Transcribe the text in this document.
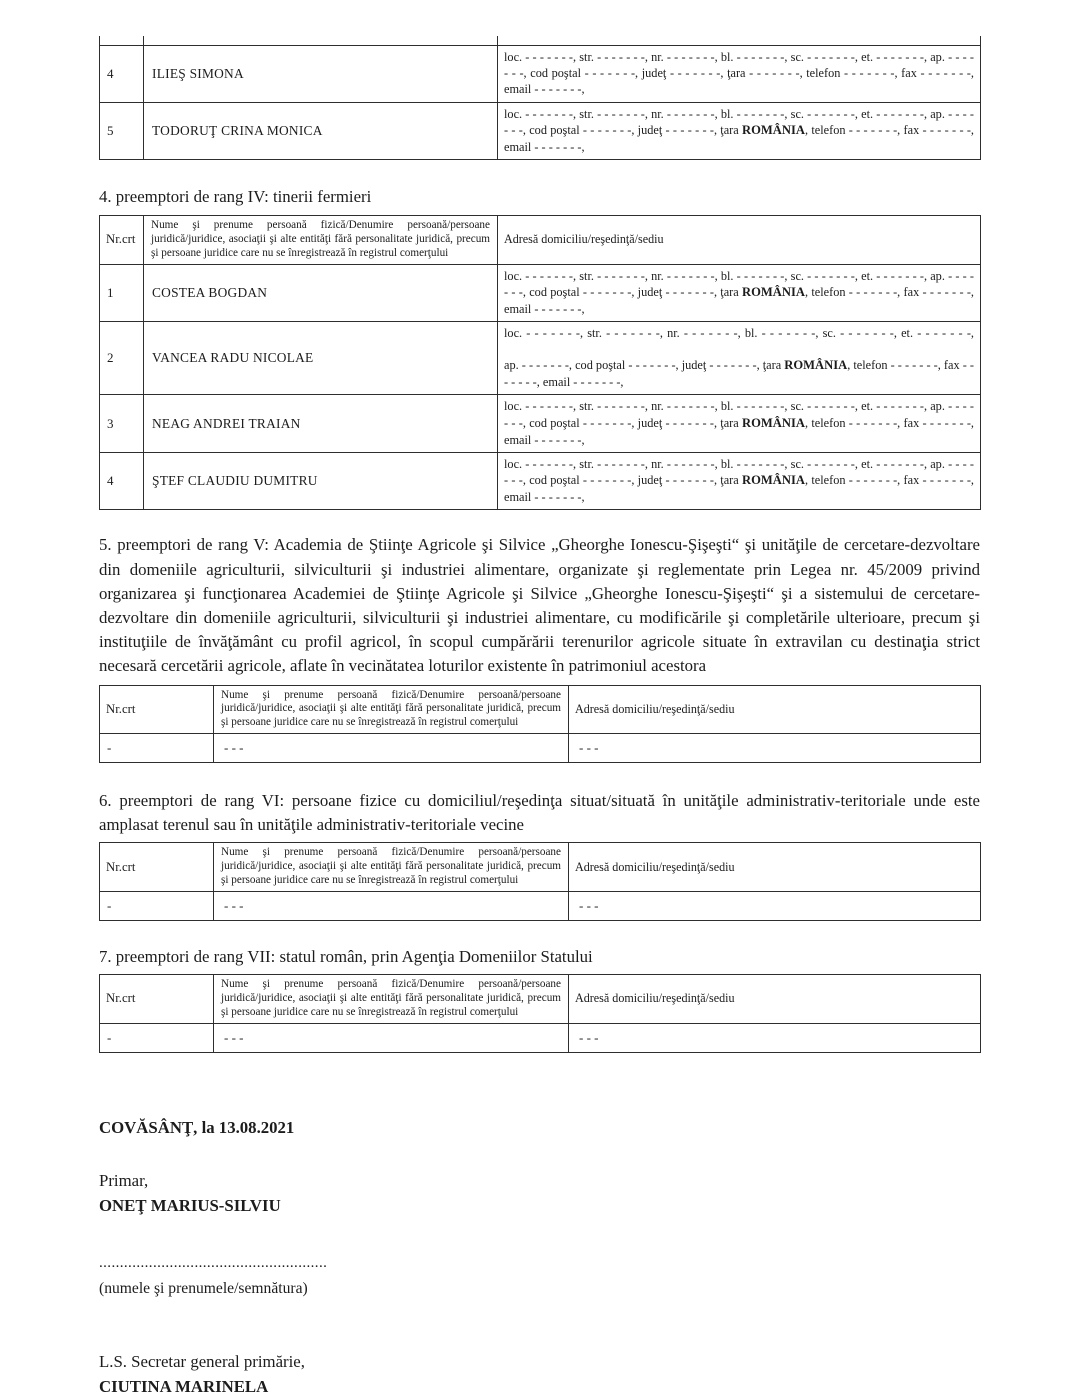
4	ILIEŞ SIMONA	loc. - - - - - - -, str. - - - - - - -, nr. - - - - - - -, bl. - - - - - - -, sc. - - - - - - -, et. - - - - - - -, ap. - - - - - - -, cod poştal - - - - - - -, judeţ - - - - - - -, ţara - - - - - - -, telefon - - - - - - -, fax - - - - - - -, email - - - - - - -,
5	TODORUŢ CRINA MONICA	loc. - - - - - - -, str. - - - - - - -, nr. - - - - - - -, bl. - - - - - - -, sc. - - - - - - -, et. - - - - - - -, ap. - - - - - - -, cod poştal - - - - - - -, judeţ - - - - - - -, ţara ROMÂNIA, telefon - - - - - - -, fax - - - - - - -, email - - - - - - -,

4. preemptori de rang IV: tinerii fermieri

Nr.crt	Nume şi prenume persoană fizică/Denumire persoană/persoane juridică/juridice, asociaţii şi alte entităţi fără personalitate juridică, precum şi persoane juridice care nu se înregistrează în registrul comerţului	Adresă domiciliu/reşedinţă/sediu
1	COSTEA BOGDAN	loc. - - - - - - -, str. - - - - - - -, nr. - - - - - - -, bl. - - - - - - -, sc. - - - - - - -, et. - - - - - - -, ap. - - - - - - -, cod poştal - - - - - - -, judeţ - - - - - - -, ţara ROMÂNIA, telefon - - - - - - -, fax - - - - - - -, email - - - - - - -,
2	VANCEA RADU NICOLAE	loc. - - - - - - -, str. - - - - - - -, nr. - - - - - - -, bl. - - - - - - -, sc. - - - - - - -, et. - - - - - - -,
ap. - - - - - - -, cod poştal - - - - - - -, judeţ - - - - - - -, ţara ROMÂNIA, telefon - - - - - - -, fax - - - - - - -, email - - - - - - -,

3	NEAG ANDREI TRAIAN	loc. - - - - - - -, str. - - - - - - -, nr. - - - - - - -, bl. - - - - - - -, sc. - - - - - - -, et. - - - - - - -, ap. - - - - - - -, cod poştal - - - - - - -, judeţ - - - - - - -, ţara ROMÂNIA, telefon - - - - - - -, fax - - - - - - -, email - - - - - - -,
4	ŞTEF CLAUDIU DUMITRU	loc. - - - - - - -, str. - - - - - - -, nr. - - - - - - -, bl. - - - - - - -, sc. - - - - - - -, et. - - - - - - -, ap. - - - - - - -, cod poştal - - - - - - -, judeţ - - - - - - -, ţara ROMÂNIA, telefon - - - - - - -, fax - - - - - - -, email - - - - - - -,

5. preemptori de rang V: Academia de Ştiinţe Agricole şi Silvice „Gheorghe Ionescu-Şişeşti“ şi unităţile de cercetare-dezvoltare din domeniile agriculturii, silviculturii şi industriei alimentare, organizate şi reglementate prin Legea nr. 45/2009 privind organizarea şi funcţionarea Academiei de Ştiinţe Agricole şi Silvice „Gheorghe Ionescu-Şişeşti“ şi a sistemului de cercetare-dezvoltare din domeniile agriculturii, silviculturii şi industriei alimentare, cu modificările şi completările ulterioare, precum şi instituţiile de învăţământ cu profil agricol, în scopul cumpărării terenurilor agricole situate în extravilan cu destinaţia strict necesară cercetării agricole, aflate în vecinătatea loturilor existente în patrimoniul acestora

Nr.crt	Nume şi prenume persoană fizică/Denumire persoană/persoane juridică/juridice, asociaţii şi alte entităţi fără personalitate juridică, precum şi persoane juridice care nu se înregistrează în registrul comerţului	Adresă domiciliu/reşedinţă/sediu
-	- - -	- - -

6. preemptori de rang VI: persoane fizice cu domiciliul/reşedinţa situat/situată în unităţile administrativ-teritoriale unde este amplasat terenul sau în unităţile administrativ-teritoriale vecine

Nr.crt	Nume şi prenume persoană fizică/Denumire persoană/persoane juridică/juridice, asociaţii şi alte entităţi fără personalitate juridică, precum şi persoane juridice care nu se înregistrează în registrul comerţului	Adresă domiciliu/reşedinţă/sediu
-	- - -	- - -

7. preemptori de rang VII: statul român, prin Agenţia Domeniilor Statului

Nr.crt	Nume şi prenume persoană fizică/Denumire persoană/persoane juridică/juridice, asociaţii şi alte entităţi fără personalitate juridică, precum şi persoane juridice care nu se înregistrează în registrul comerţului	Adresă domiciliu/reşedinţă/sediu
-	- - -	- - -

COVĂSÂNŢ, la 13.08.2021

Primar,

ONEŢ MARIUS-SILVIU

.......................................................

(numele şi prenumele/semnătura)

L.S. Secretar general primărie,

CIUTINA MARINELA
